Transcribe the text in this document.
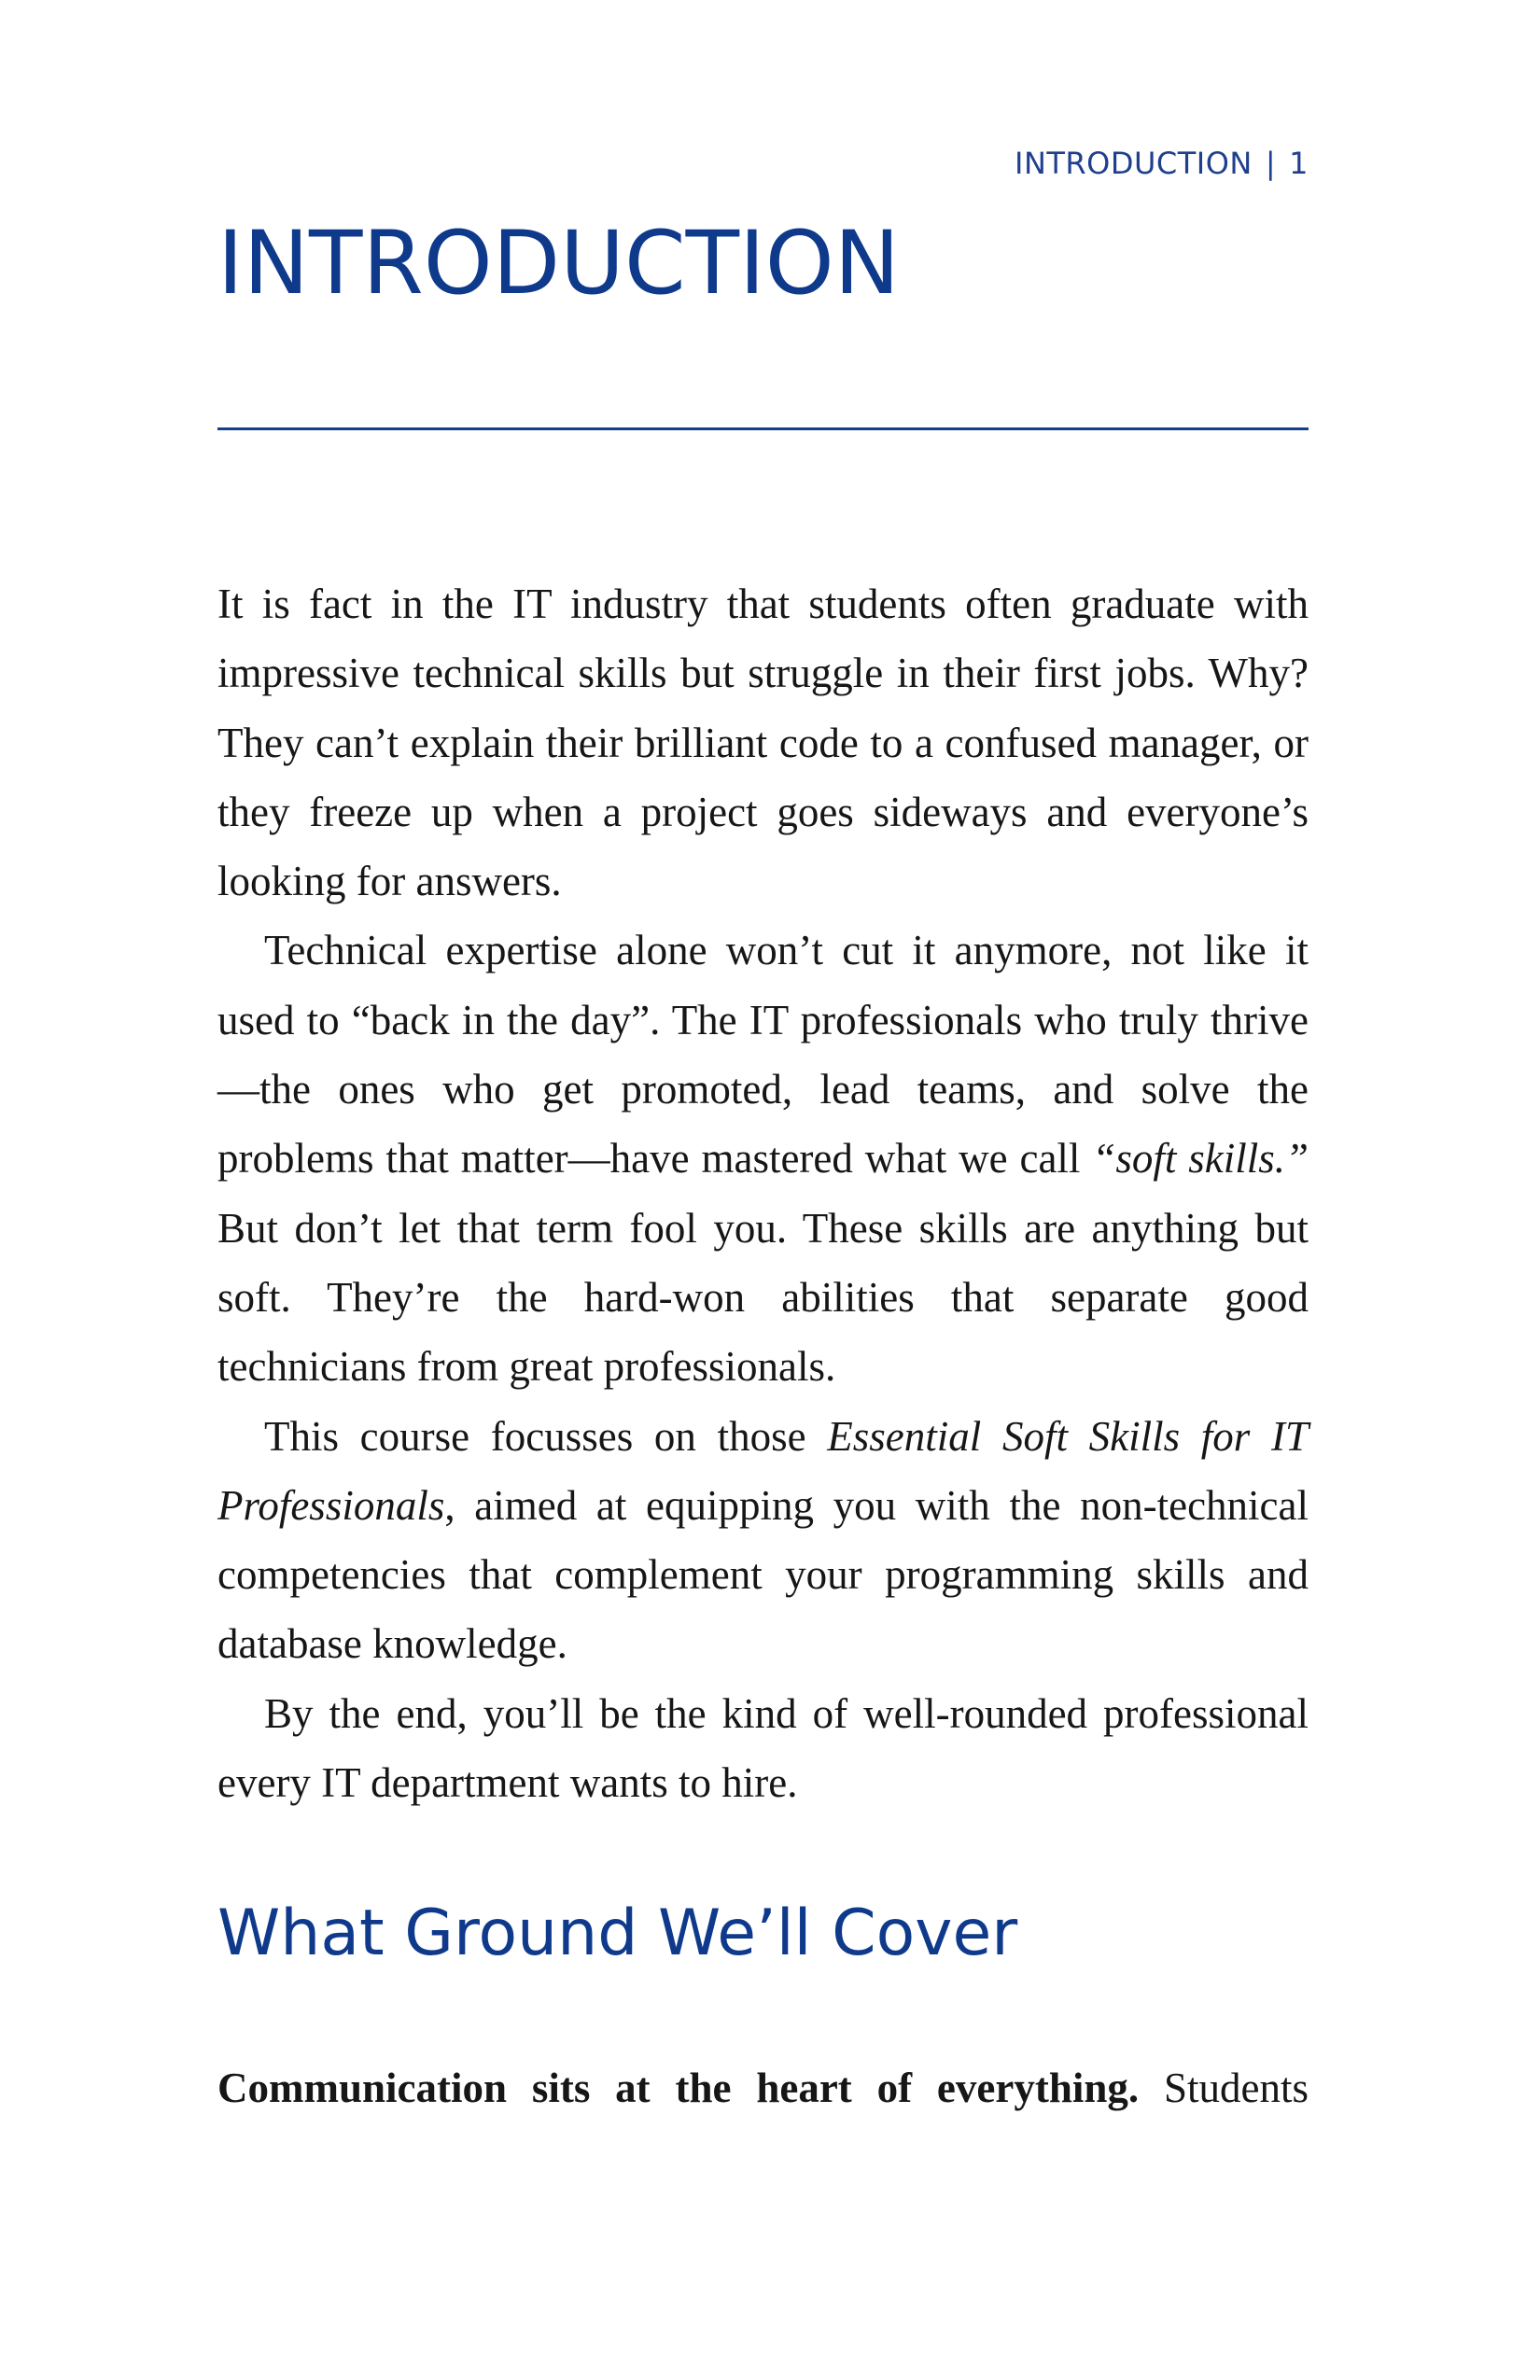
INTRODUCTION | 1
INTRODUCTION

It is fact in the IT industry that students often graduate with impressive technical skills but struggle in their first jobs. Why? They can’t explain their brilliant code to a confused manager, or they freeze up when a project goes sideways and everyone’s looking for answers.

Technical expertise alone won’t cut it anymore, not like it used to “back in the day”. The IT professionals who truly thrive—the ones who get promoted, lead teams, and solve the problems that matter—have mastered what we call “soft skills.” But don’t let that term fool you. These skills are anything but soft. They’re the hard-won abilities that separate good technicians from great professionals.

This course focusses on those Essential Soft Skills for IT Professionals, aimed at equipping you with the non-technical competencies that complement your programming skills and database knowledge.

By the end, you’ll be the kind of well-rounded professional every IT department wants to hire.

What Ground We’ll Cover

Communication sits at the heart of everything. Students
